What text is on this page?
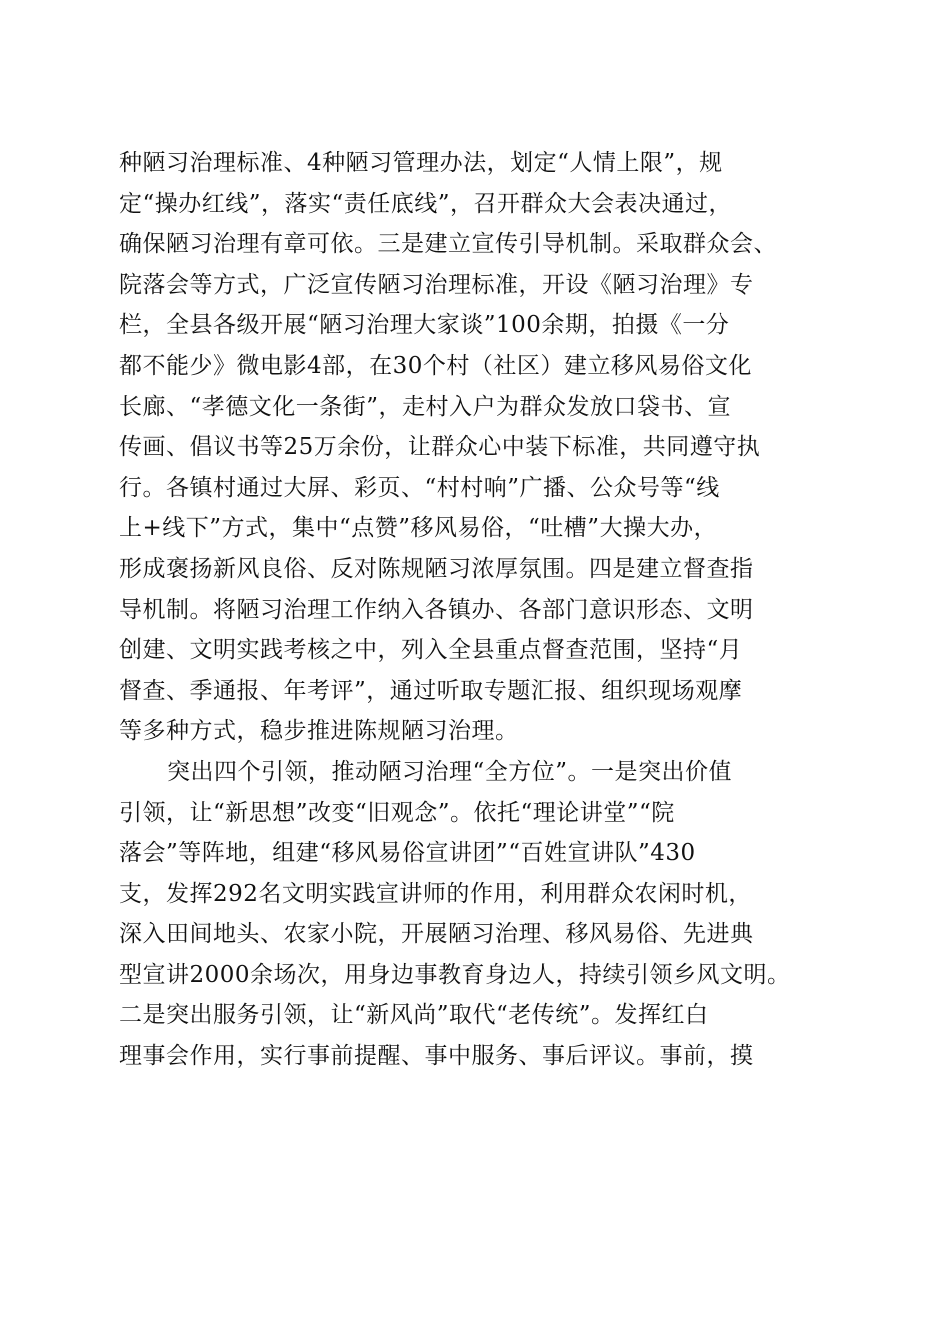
种陋习治理标准、4种陋习管理办法，划定“人情上限”，规
定“操办红线”，落实“责任底线”，召开群众大会表决通过，
确保陋习治理有章可依。三是建立宣传引导机制。采取群众会、
院落会等方式，广泛宣传陋习治理标准，开设《陋习治理》专
栏，全县各级开展“陋习治理大家谈”100余期，拍摄《一分
都不能少》微电影4部，在30个村（社区）建立移风易俗文化
长廊、“孝德文化一条街”，走村入户为群众发放口袋书、宣
传画、倡议书等25万余份，让群众心中装下标准，共同遵守执
行。各镇村通过大屏、彩页、“村村响”广播、公众号等“线
上+线下”方式，集中“点赞”移风易俗，“吐槽”大操大办，
形成褒扬新风良俗、反对陈规陋习浓厚氛围。四是建立督查指
导机制。将陋习治理工作纳入各镇办、各部门意识形态、文明
创建、文明实践考核之中，列入全县重点督查范围，坚持“月
督查、季通报、年考评”，通过听取专题汇报、组织现场观摩
等多种方式，稳步推进陈规陋习治理。
突出四个引领，推动陋习治理“全方位”。一是突出价值
引领，让“新思想”改变“旧观念”。依托“理论讲堂”“院
落会”等阵地，组建“移风易俗宣讲团”“百姓宣讲队”430
支，发挥292名文明实践宣讲师的作用，利用群众农闲时机，
深入田间地头、农家小院，开展陋习治理、移风易俗、先进典
型宣讲2000余场次，用身边事教育身边人，持续引领乡风文明。
二是突出服务引领，让“新风尚”取代“老传统”。发挥红白
理事会作用，实行事前提醒、事中服务、事后评议。事前，摸
